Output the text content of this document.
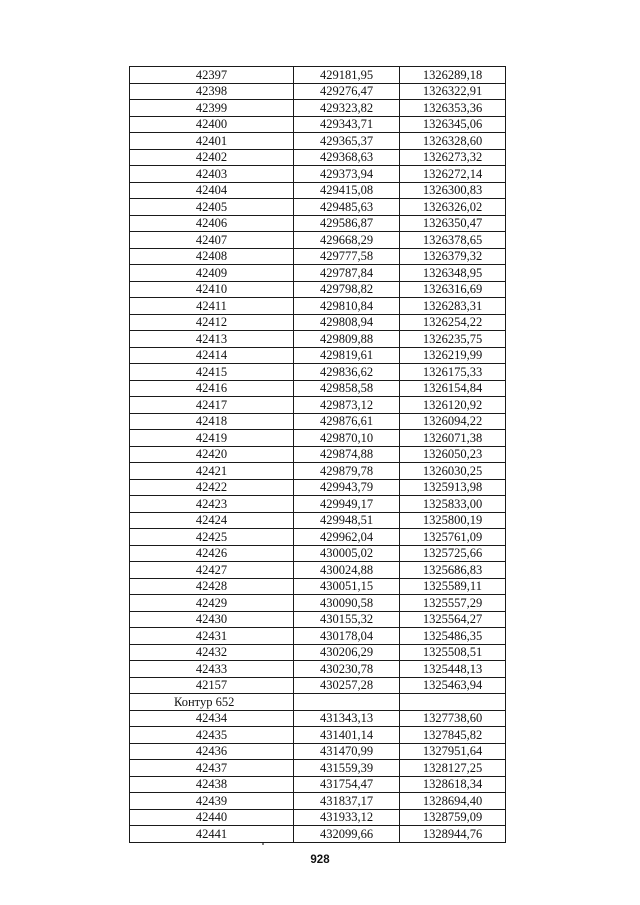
42397	429181,95	1326289,18
42398	429276,47	1326322,91
42399	429323,82	1326353,36
42400	429343,71	1326345,06
42401	429365,37	1326328,60
42402	429368,63	1326273,32
42403	429373,94	1326272,14
42404	429415,08	1326300,83
42405	429485,63	1326326,02
42406	429586,87	1326350,47
42407	429668,29	1326378,65
42408	429777,58	1326379,32
42409	429787,84	1326348,95
42410	429798,82	1326316,69
42411	429810,84	1326283,31
42412	429808,94	1326254,22
42413	429809,88	1326235,75
42414	429819,61	1326219,99
42415	429836,62	1326175,33
42416	429858,58	1326154,84
42417	429873,12	1326120,92
42418	429876,61	1326094,22
42419	429870,10	1326071,38
42420	429874,88	1326050,23
42421	429879,78	1326030,25
42422	429943,79	1325913,98
42423	429949,17	1325833,00
42424	429948,51	1325800,19
42425	429962,04	1325761,09
42426	430005,02	1325725,66
42427	430024,88	1325686,83
42428	430051,15	1325589,11
42429	430090,58	1325557,29
42430	430155,32	1325564,27
42431	430178,04	1325486,35
42432	430206,29	1325508,51
42433	430230,78	1325448,13
42157	430257,28	1325463,94
Контур 652		
42434	431343,13	1327738,60
42435	431401,14	1327845,82
42436	431470,99	1327951,64
42437	431559,39	1328127,25
42438	431754,47	1328618,34
42439	431837,17	1328694,40
42440	431933,12	1328759,09
42441	432099,66	1328944,76
928
